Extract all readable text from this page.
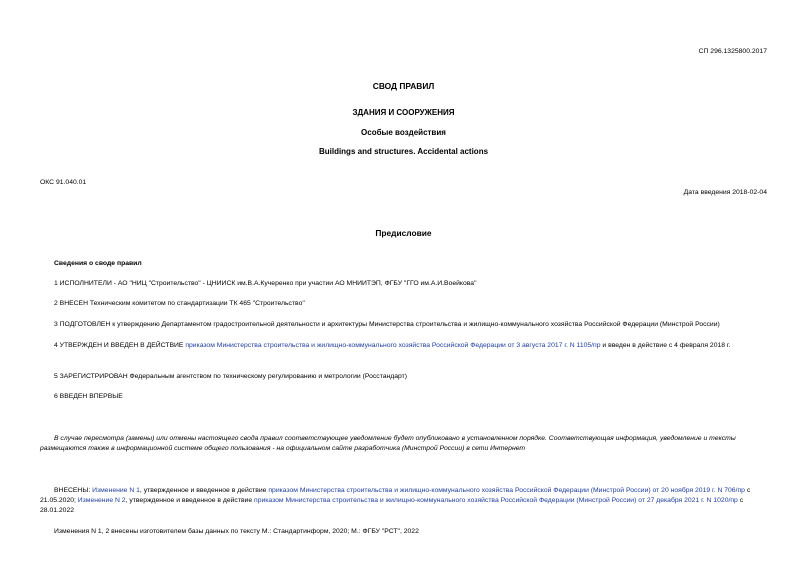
СП 296.1325800.2017
СВОД ПРАВИЛ
ЗДАНИЯ И СООРУЖЕНИЯ
Особые воздействия
Buildings and structures. Accidental actions
ОКС 91.040.01
Дата введения 2018-02-04
Предисловие
Сведения о своде правил
1 ИСПОЛНИТЕЛИ - АО "НИЦ "Строительство" - ЦНИИСК им.В.А.Кучеренко при участии АО МНИИТЭП, ФГБУ "ГГО им.А.И.Воейкова"
2 ВНЕСЕН Техническим комитетом по стандартизации ТК 465 "Строительство"
3 ПОДГОТОВЛЕН к утверждению Департаментом градостроительной деятельности и архитектуры Министерства строительства и жилищно-коммунального хозяйства Российской Федерации (Минстрой России)
4 УТВЕРЖДЕН И ВВЕДЕН В ДЕЙСТВИЕ приказом Министерства строительства и жилищно-коммунального хозяйства Российской Федерации от 3 августа 2017 г. N 1105/пр и введен в действие с 4 февраля 2018 г.
5 ЗАРЕГИСТРИРОВАН Федеральным агентством по техническому регулированию и метрологии (Росстандарт)
6 ВВЕДЕН ВПЕРВЫЕ
В случае пересмотра (замены) или отмены настоящего свода правил соответствующее уведомление будет опубликовано в установленном порядке. Соответствующая информация, уведомление и тексты размещаются также в информационной системе общего пользования - на официальном сайте разработчика (Минстрой России) в сети Интернет
ВНЕСЕНЫ: Изменение N 1, утвержденное и введенное в действие приказом Министерства строительства и жилищно-коммунального хозяйства Российской Федерации (Минстрой России) от 20 ноября 2019 г. N 706/пр с 21.05.2020; Изменение N 2, утвержденное и введенное в действие приказом Министерства строительства и жилищно-коммунального хозяйства Российской Федерации (Минстрой России) от 27 декабря 2021 г. N 1020/пр с 28.01.2022
Изменения N 1, 2 внесены изготовителем базы данных по тексту М.: Стандартинформ, 2020; М.: ФГБУ "РСТ", 2022
